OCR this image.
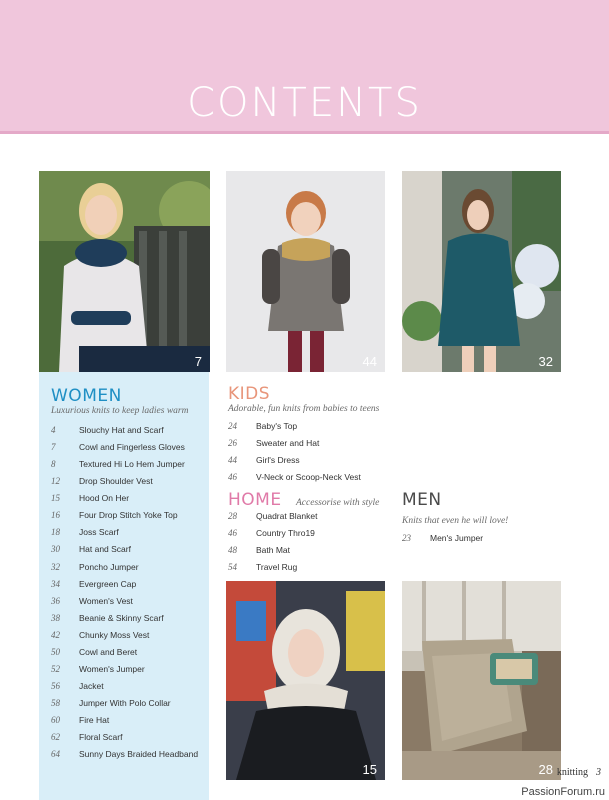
CONTENTS
7	44	32
15	28
WOMEN
Luxurious knits to keep ladies warm
4	Slouchy Hat and Scarf
7	Cowl and Fingerless Gloves
8	Textured Hi Lo Hem Jumper
12	Drop Shoulder Vest
15	Hood On Her
16	Four Drop Stitch Yoke Top
18	Joss Scarf
30	Hat and Scarf
32	Poncho Jumper
34	Evergreen Cap
36	Women's Vest
38	Beanie & Skinny Scarf
42	Chunky Moss Vest
50	Cowl and Beret
52	Women's Jumper
56	Jacket
58	Jumper With Polo Collar
60	Fire Hat
62	Floral Scarf
64	Sunny Days Braided Headband
KIDS
Adorable, fun knits from babies to teens
24	Baby's Top
26	Sweater and Hat
44	Girl's Dress
46	V-Neck or Scoop-Neck Vest
HOME Accessorise with style
28	Quadrat Blanket
46	Country Thro19
48	Bath Mat
54	Travel Rug
MEN
Knits that even he will love!
23	Men's Jumper
knitting 3
PassionForum.ru
